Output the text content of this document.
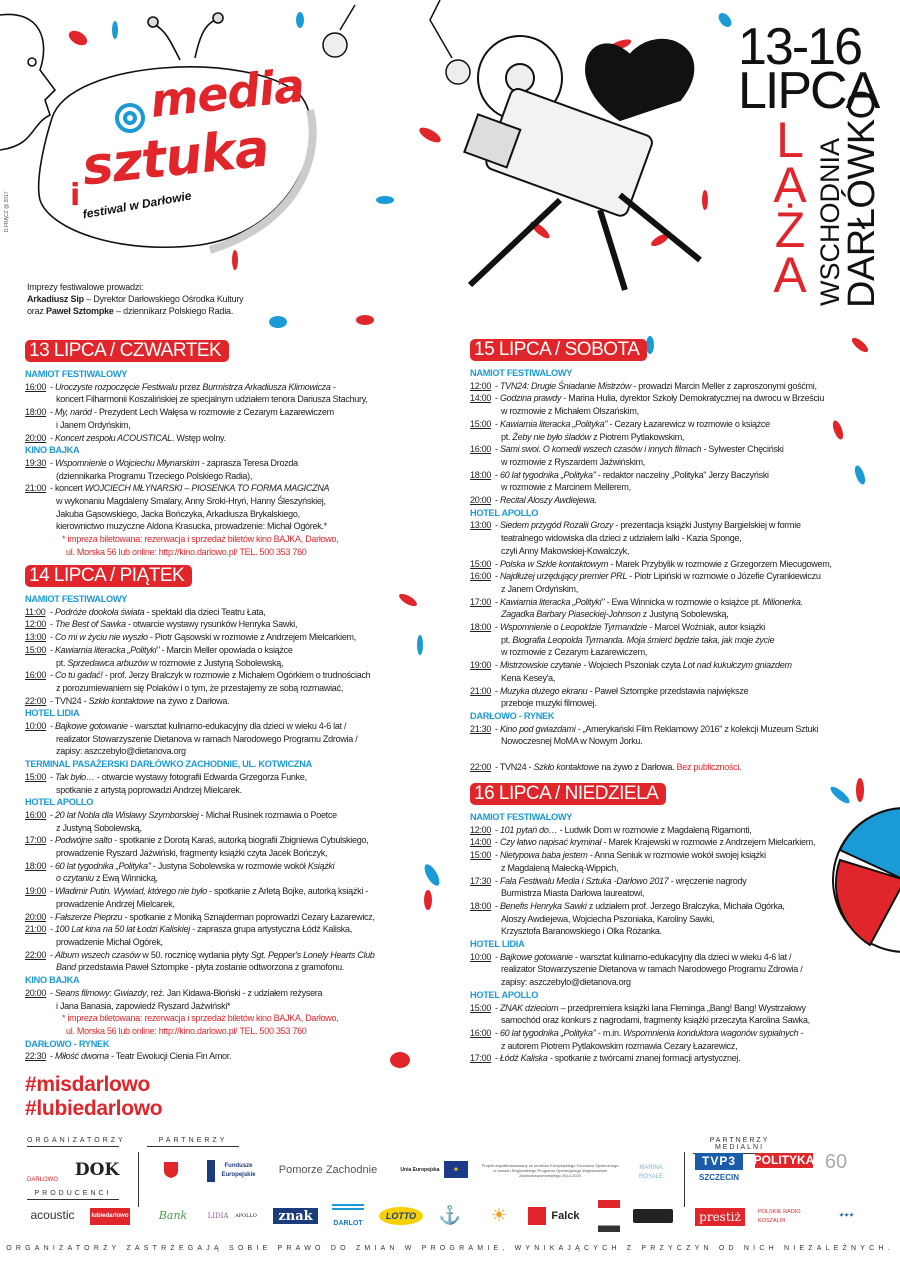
media
i sztuka
festiwal w Darłowie
D.FRĄCZ @ 2017
13-16
LIPCA
L
A
Ż
A WSCHODNIA
DARŁÓWKO
Imprezy festiwalowe prowadzi:
Arkadiusz Sip – Dyrektor Darłowskiego Ośrodka Kultury
oraz Paweł Sztompke – dziennikarz Polskiego Radia.
13 LIPCA / CZWARTEK
NAMIOT FESTIWALOWY
16:00 - Uroczyste rozpoczęcie Festiwalu przez Burmistrza Arkadiusza Klimowicza -
koncert Filharmonii Koszalińskiej ze specjalnym udziałem tenora Dariusza Stachury,
18:00 - My, naród - Prezydent Lech Wałęsa w rozmowie z Cezarym Łazarewiczem
i Janem Ordyńskim,
20:00 - Koncert zespołu ACOUSTICAL. Wstęp wolny.
KINO BAJKA
19:30 - Wspomnienie o Wojciechu Młynarskim - zaprasza Teresa Drozda
(dziennikarka Programu Trzeciego Polskiego Radia),
21:00 - koncert WOJCIECH MŁYNARSKI – PIOSENKA TO FORMA MAGICZNA
w wykonaniu Magdaleny Smalary, Anny Sroki-Hryń, Hanny Śleszyńskiej,
Jakuba Gąsowskiego, Jacka Bończyka, Arkadiusza Brykalskiego,
kierownictwo muzyczne Aldona Krasucka, prowadzenie: Michał Ogórek.*
* impreza biletowana: rezerwacja i sprzedaż biletów kino BAJKA, Darłowo,
ul. Morska 56 lub online: http://kino.darlowo.pl/ TEL. 500 353 760
14 LIPCA / PIĄTEK
NAMIOT FESTIWALOWY
11:00 - Podróże dookoła świata - spektakl dla dzieci Teatru Łata,
12:00 - The Best of Sawka - otwarcie wystawy rysunków Henryka Sawki,
13:00 - Co mi w życiu nie wyszło - Piotr Gąsowski w rozmowie z Andrzejem Mielcarkiem,
15:00 - Kawiarnia literacka „Polityki" - Marcin Meller opowiada o książce
pt. Sprzedawca arbuzów w rozmowie z Justyną Sobolewską,
16:00 - Co tu gadać! - prof. Jerzy Bralczyk w rozmowie z Michałem Ogórkiem o trudnościach
z porozumiewaniem się Polaków i o tym, że przestajemy ze sobą rozmawiać,
22:00 - TVN24 - Szkło kontaktowe na żywo z Darłowa.
HOTEL LIDIA
10:00 - Bajkowe gotowanie - warsztat kulinarno-edukacyjny dla dzieci w wieku 4-6 lat /
realizator Stowarzyszenie Dietanova w ramach Narodowego Programu Zdrowia /
zapisy: aszczebylo@dietanova.org
TERMINAL PASAŻERSKI DARŁÓWKO ZACHODNIE, UL. KOTWICZNA
15:00 - Tak było… - otwarcie wystawy fotografii Edwarda Grzegorza Funke,
spotkanie z artystą poprowadzi Andrzej Mielcarek.
HOTEL APOLLO
16:00 - 20 lat Nobla dla Wisławy Szymborskiej - Michał Rusinek rozmawia o Poetce
z Justyną Sobolewską,
17:00 - Podwójne salto - spotkanie z Dorotą Karaś, autorką biografii Zbigniewa Cybulskiego,
prowadzenie Ryszard Jaźwiński, fragmenty książki czyta Jacek Bończyk,
18:00 - 60 lat tygodnika „Polityka" - Justyna Sobolewska w rozmowie wokół Książki
o czytaniu z Ewą Winnicką,
19:00 - Władimir Putin. Wywiad, którego nie było - spotkanie z Arletą Bojke, autorką książki -
prowadzenie Andrzej Mielcarek,
20:00 - Fałszerze Pieprzu - spotkanie z Moniką Sznajderman poprowadzi Cezary Łazarewicz,
21:00 - 100 Lat kina na 50 lat Łodzi Kaliskiej - zaprasza grupa artystyczna Łódź Kaliska,
prowadzenie Michał Ogórek,
22:00 - Album wszech czasów w 50. rocznicę wydania płyty Sgt. Pepper's Lonely Hearts Club
Band przedstawia Paweł Sztompke - płyta zostanie odtworzona z gramofonu.
KINO BAJKA
20:00 - Seans filmowy: Gwiazdy, reż. Jan Kidawa-Błoński - z udziałem reżysera
i Jana Banasia, zapowiedź Ryszard Jaźwiński*
* impreza biletowana: rezerwacja i sprzedaż biletów kino BAJKA, Darłowo,
ul. Morska 56 lub online: http://kino.darlowo.pl/ TEL. 500 353 760
DARŁOWO - RYNEK
22:30 - Miłość dworna - Teatr Ewolucji Cienia Fin Amor.
15 LIPCA / SOBOTA
NAMIOT FESTIWALOWY
12:00 - TVN24: Drugie Śniadanie Mistrzów - prowadzi Marcin Meller z zaproszonymi gośćmi,
14:00 - Godzina prawdy - Marina Hulia, dyrektor Szkoły Demokratycznej na dwrocu w Brześciu
w rozmowie z Michałem Olszańskim,
15:00 - Kawiarnia literacka „Polityka" - Cezary Łazarewicz w rozmowie o książce
pt. Żeby nie było śladów z Piotrem Pytlakowskim,
16:00 - Sami swoi. O komedii wszech czasów i innych filmach - Sylwester Chęciński
w rozmowie z Ryszardem Jaźwińskim,
18:00 - 60 lat tygodnika „Polityka" - redaktor naczelny „Polityka" Jerzy Baczyński
w rozmowie z Marcinem Mellerem,
20:00 - Recital Aloszy Awdiejewa.
HOTEL APOLLO
13:00 - Siedem przygód Rozalii Grozy - prezentacja książki Justyny Bargielskiej w formie
teatralnego widowiska dla dzieci z udziałem lalki - Kazia Sponge,
czyli Anny Makowskiej-Kowalczyk,
15:00 - Polska w Szkle kontaktowym - Marek Przybylik w rozmowie z Grzegorzem Miecugowem,
16:00 - Najdłużej urzędujący premier PRL - Piotr Lipiński w rozmowie o Józefie Cyrankiewiczu
z Janem Ordyńskim,
17:00 - Kawiarnia literacka „Polityki" - Ewa Winnicka w rozmowie o książce pt. Milionerka.
Zagadka Barbary Piaseckiej-Johnson z Justyną Sobolewską,
18:00 - Wspomnienie o Leopoldzie Tyrmandzie - Marcel Woźniak, autor książki
pt. Biografia Leopolda Tyrmanda. Moja śmierć będzie taka, jak moje życie
w rozmowie z Cezarym Łazarewiczem,
19:00 - Mistrzowskie czytanie - Wojciech Pszoniak czyta Lot nad kukułczym gniazdem
Kena Kesey'a,
21:00 - Muzyka dużego ekranu - Paweł Sztompke przedstawia największe
przeboje muzyki filmowej.
DARŁOWO - RYNEK
21:30 - Kino pod gwiazdami - „Amerykański Film Reklamowy 2016" z kolekcji Muzeum Sztuki
Nowoczesnej MoMA w Nowym Jorku.
22:00 - TVN24 - Szkło kontaktowe na żywo z Darłowa. Bez publiczności.
16 LIPCA / NIEDZIELA
NAMIOT FESTIWALOWY
12:00 - 101 pytań do… - Ludwik Dorn w rozmowie z Magdaleną Rigamonti,
14:00 - Czy łatwo napisać kryminał - Marek Krajewski w rozmowie z Andrzejem Mielcarkiem,
15:00 - Nietypowa baba jestem - Anna Seniuk w rozmowie wokół swojej książki
z Magdaleną Małecką-Wippich,
17:30 - Fala Festiwalu Media i Sztuka -Darłowo 2017 - wręczenie nagrody
Burmistrza Miasta Darłowa laureatowi,
18:00 - Benefis Henryka Sawki z udziałem prof. Jerzego Bralczyka, Michała Ogórka,
Aloszy Awdiejewa, Wojciecha Pszoniaka, Karoliny Sawki,
Krzysztofa Baranowskiego i Olka Różanka.
HOTEL LIDIA
10:00 - Bajkowe gotowanie - warsztat kulinarno-edukacyjny dla dzieci w wieku 4-6 lat /
realizator Stowarzyszenie Dietanova w ramach Narodowego Programu Zdrowia /
zapisy: aszczebylo@dietanova.org
HOTEL APOLLO
15:00 - ZNAK dzieciom – przedpremiera książki Iana Fleminga „Bang! Bang! Wystrzałowy
samochód oraz konkurs z nagrodami, fragmenty książki przeczyta Karolina Sawka,
16:00 - 60 lat tygodnika „Polityka" - m.in. Wspomnienia konduktora wagonów sypialnych -
z autorem Piotrem Pytlakowskim rozmawia Cezary Łazarewicz,
17:00 - Łódź Kaliska - spotkanie z twórcami znanej formacji artystycznej.
#misdarlowo
#lubiedarlowo
ORGANIZATORZY	PARTNERZY	PARTNERZY MEDIALNI
PRODUCENCI
DARŁOWO
DOK
acoustic	lubiedarlowo
Fundusze Europejskie	Pomorze Zachodnie	Unia Europejska	✦	Projekt współfinansowany ze środków Europejskiego Funduszu Społecznego w ramach Regionalnego Programu Operacyjnego Województwa Zachodniopomorskiego 2014-2020
MARINA ROYALE
Bank	LIDIA APOLLO	znak	DARLOT
LOTTO	⚓ ☀	Falck
TVP3
SZCZECIN
POLITYKA 60
prestiż	POLSKIE RADIO KOSZALIN
✦✦✦
ORGANIZATORZY ZASTRZEGAJĄ SOBIE PRAWO DO ZMIAN W PROGRAMIE, WYNIKAJĄCYCH Z PRZYCZYN OD NICH NIEZALEŻNYCH.
